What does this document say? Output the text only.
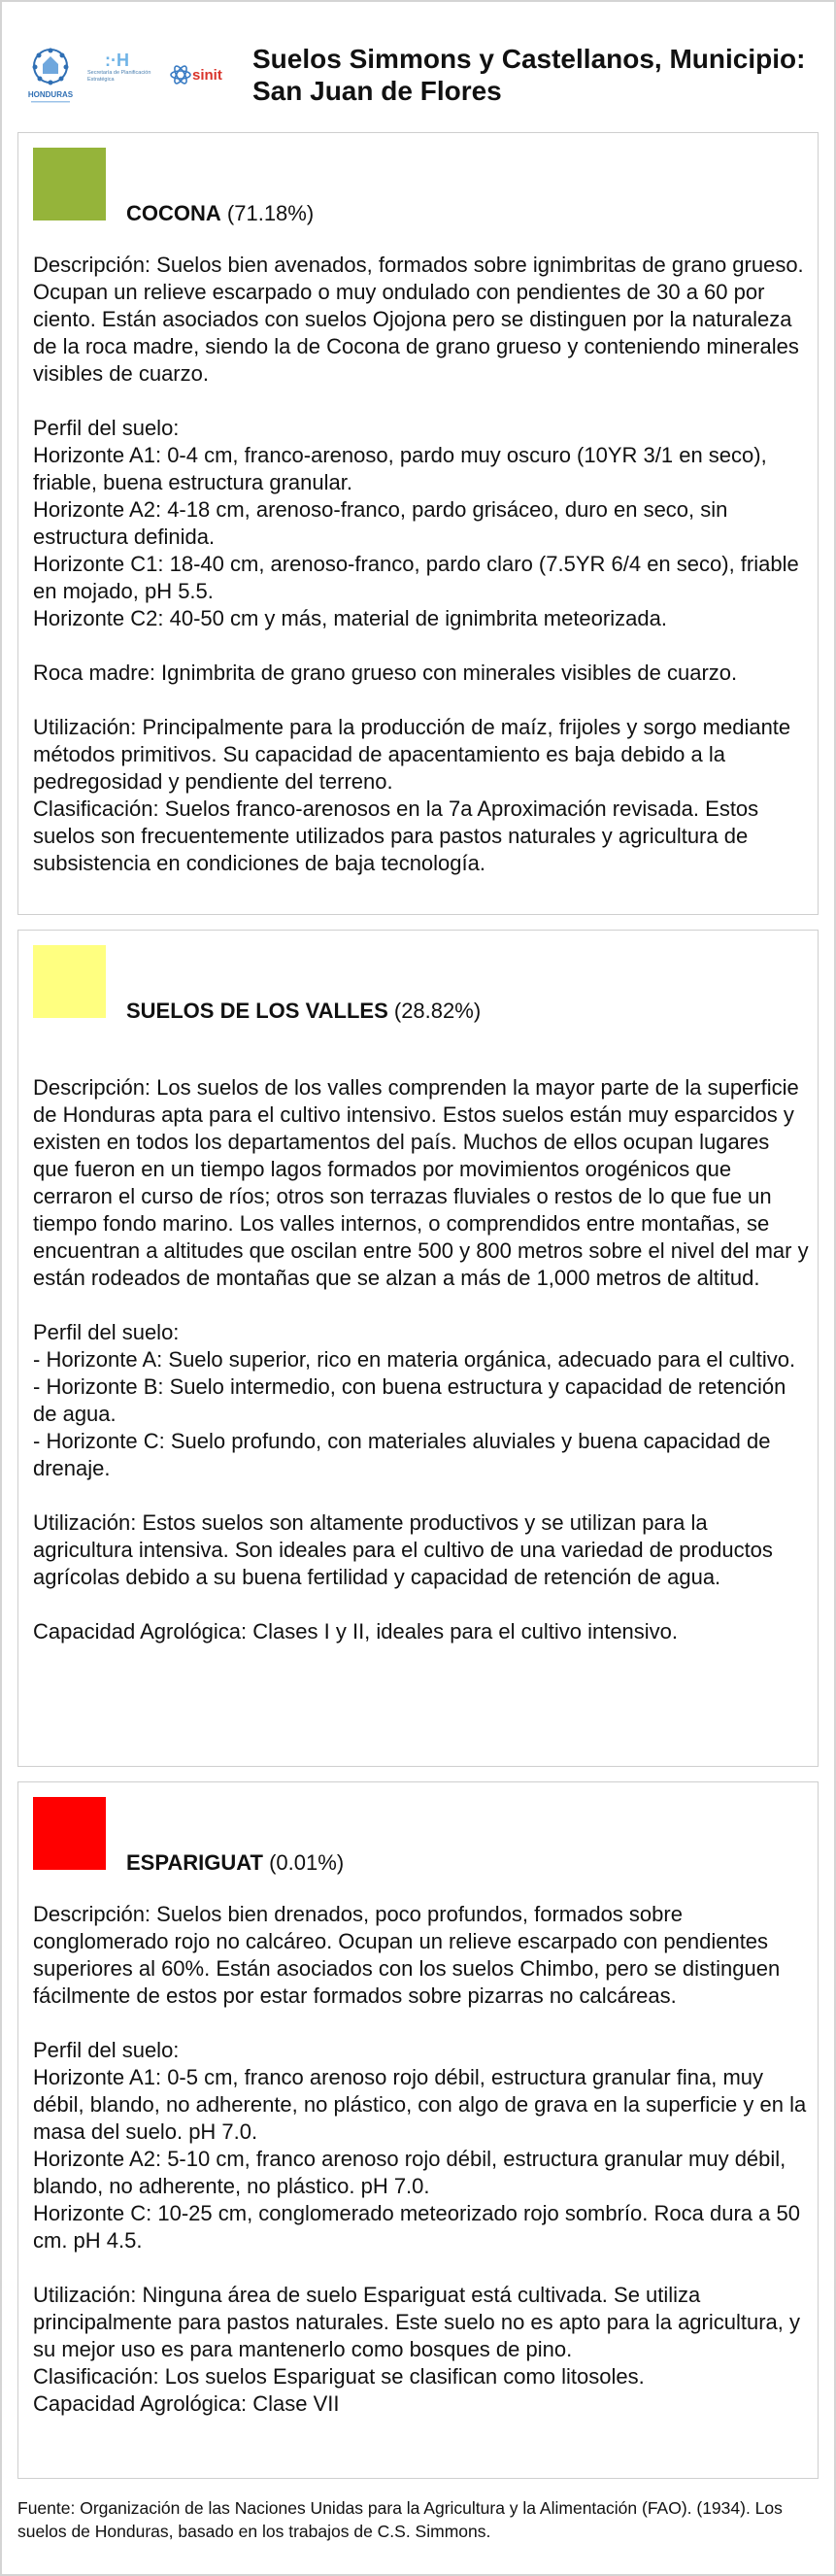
HONDURAS
:·H
Secretaría de Planificación Estratégica	sinit
Suelos Simmons y Castellanos, Municipio: San Juan de Flores
COCONA (71.18%)

Descripción: Suelos bien avenados, formados sobre ignimbritas de grano grueso. Ocupan un relieve escarpado o muy ondulado con pendientes de 30 a 60 por ciento. Están asociados con suelos Ojojona pero se distinguen por la naturaleza de la roca madre, siendo la de Cocona de grano grueso y conteniendo minerales visibles de cuarzo.

Perfil del suelo:
Horizonte A1: 0-4 cm, franco-arenoso, pardo muy oscuro (10YR 3/1 en seco), friable, buena estructura granular.
Horizonte A2: 4-18 cm, arenoso-franco, pardo grisáceo, duro en seco, sin estructura definida.
Horizonte C1: 18-40 cm, arenoso-franco, pardo claro (7.5YR 6/4 en seco), friable en mojado, pH 5.5.
Horizonte C2: 40-50 cm y más, material de ignimbrita meteorizada.

Roca madre: Ignimbrita de grano grueso con minerales visibles de cuarzo.

Utilización: Principalmente para la producción de maíz, frijoles y sorgo mediante métodos primitivos. Su capacidad de apacentamiento es baja debido a la pedregosidad y pendiente del terreno.
Clasificación: Suelos franco-arenosos en la 7a Aproximación revisada. Estos suelos son frecuentemente utilizados para pastos naturales y agricultura de subsistencia en condiciones de baja tecnología.

SUELOS DE LOS VALLES (28.82%)

Descripción: Los suelos de los valles comprenden la mayor parte de la superficie de Honduras apta para el cultivo intensivo. Estos suelos están muy esparcidos y existen en todos los departamentos del país. Muchos de ellos ocupan lugares que fueron en un tiempo lagos formados por movimientos orogénicos que cerraron el curso de ríos; otros son terrazas fluviales o restos de lo que fue un tiempo fondo marino. Los valles internos, o comprendidos entre montañas, se encuentran a altitudes que oscilan entre 500 y 800 metros sobre el nivel del mar y están rodeados de montañas que se alzan a más de 1,000 metros de altitud.

Perfil del suelo:
- Horizonte A: Suelo superior, rico en materia orgánica, adecuado para el cultivo.
- Horizonte B: Suelo intermedio, con buena estructura y capacidad de retención de agua.
- Horizonte C: Suelo profundo, con materiales aluviales y buena capacidad de drenaje.

Utilización: Estos suelos son altamente productivos y se utilizan para la agricultura intensiva. Son ideales para el cultivo de una variedad de productos agrícolas debido a su buena fertilidad y capacidad de retención de agua.

Capacidad Agrológica: Clases I y II, ideales para el cultivo intensivo.

ESPARIGUAT (0.01%)

Descripción: Suelos bien drenados, poco profundos, formados sobre conglomerado rojo no calcáreo. Ocupan un relieve escarpado con pendientes superiores al 60%. Están asociados con los suelos Chimbo, pero se distinguen fácilmente de estos por estar formados sobre pizarras no calcáreas.

Perfil del suelo:
Horizonte A1: 0-5 cm, franco arenoso rojo débil, estructura granular fina, muy débil, blando, no adherente, no plástico, con algo de grava en la superficie y en la masa del suelo. pH 7.0.
Horizonte A2: 5-10 cm, franco arenoso rojo débil, estructura granular muy débil, blando, no adherente, no plástico. pH 7.0.
Horizonte C: 10-25 cm, conglomerado meteorizado rojo sombrío. Roca dura a 50 cm. pH 4.5.

Utilización: Ninguna área de suelo Espariguat está cultivada. Se utiliza principalmente para pastos naturales. Este suelo no es apto para la agricultura, y su mejor uso es para mantenerlo como bosques de pino.
Clasificación: Los suelos Espariguat se clasifican como litosoles.
Capacidad Agrológica: Clase VII

Fuente: Organización de las Naciones Unidas para la Agricultura y la Alimentación (FAO). (1934). Los suelos de Honduras, basado en los trabajos de C.S. Simmons.
